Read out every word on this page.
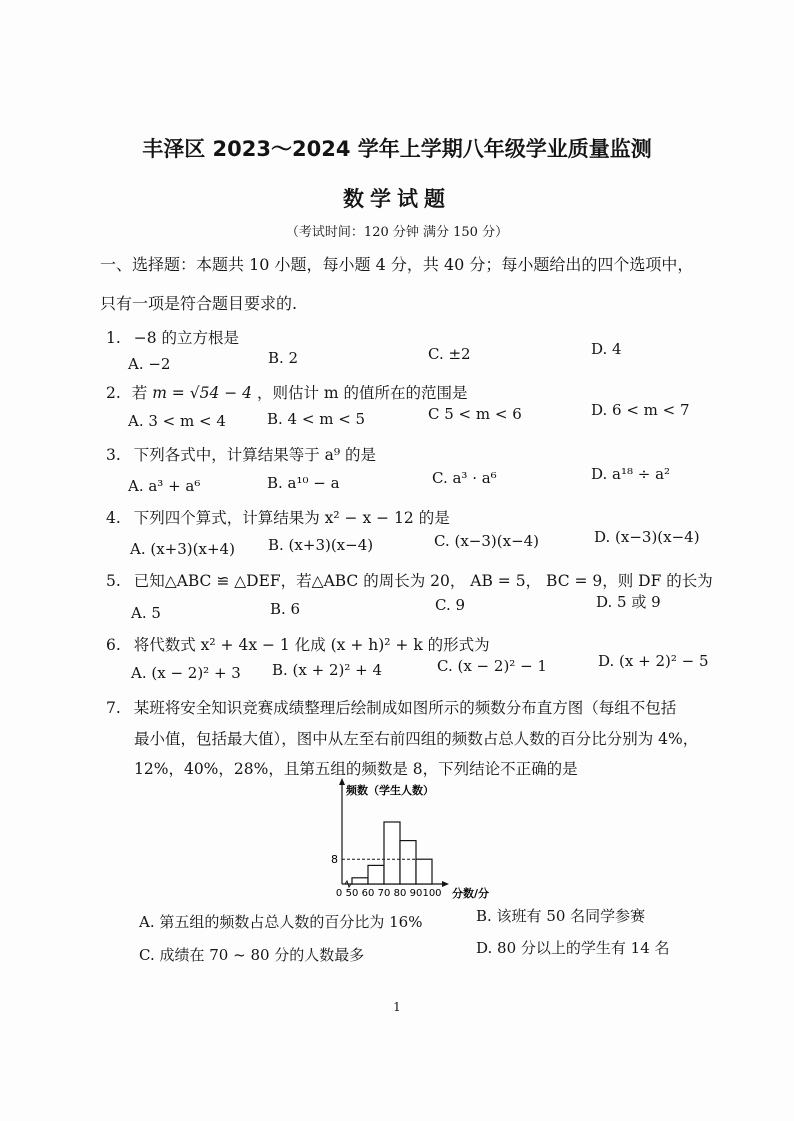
丰泽区 2023～2024 学年上学期八年级学业质量监测
数学试题
（考试时间：120 分钟 满分 150 分）
一、选择题：本题共 10 小题，每小题 4 分，共 40 分；每小题给出的四个选项中，
只有一项是符合题目要求的.
1. −8 的立方根是
A. −2	B. 2	C. ±2	D. 4
2. 若 m = √54 − 4 ，则估计 m 的值所在的范围是
A. 3 < m < 4	B. 4 < m < 5	C 5 < m < 6	D. 6 < m < 7
3. 下列各式中，计算结果等于 a⁹ 的是
A. a³ + a⁶	B. a¹⁰ − a	C. a³ · a⁶	D. a¹⁸ ÷ a²
4. 下列四个算式，计算结果为 x² − x − 12 的是
A. (x+3)(x+4) B. (x+3)(x−4)	C. (x−3)(x−4)	D. (x−3)(x−4)
5. 已知△ABC ≌ △DEF，若△ABC 的周长为 20， AB = 5， BC = 9，则 DF 的长为
A. 5	B. 6	C. 9	D. 5 或 9
6. 将代数式 x² + 4x − 1 化成 (x + h)² + k 的形式为
A. (x − 2)² + 3 B. (x + 2)² + 4	C. (x − 2)² − 1	D. (x + 2)² − 5
7. 某班将安全知识竞赛成绩整理后绘制成如图所示的频数分布直方图（每组不包括
最小值，包括最大值），图中从左至右前四组的频数占总人数的百分比分别为 4%，
12%，40%，28%，且第五组的频数是 8，下列结论不正确的是
8
0 50 60 70 80 90 100
频数（学生人数）
分数/分
A. 第五组的频数占总人数的百分比为 16%	B. 该班有 50 名同学参赛
C. 成绩在 70 ~ 80 分的人数最多	D. 80 分以上的学生有 14 名
1
